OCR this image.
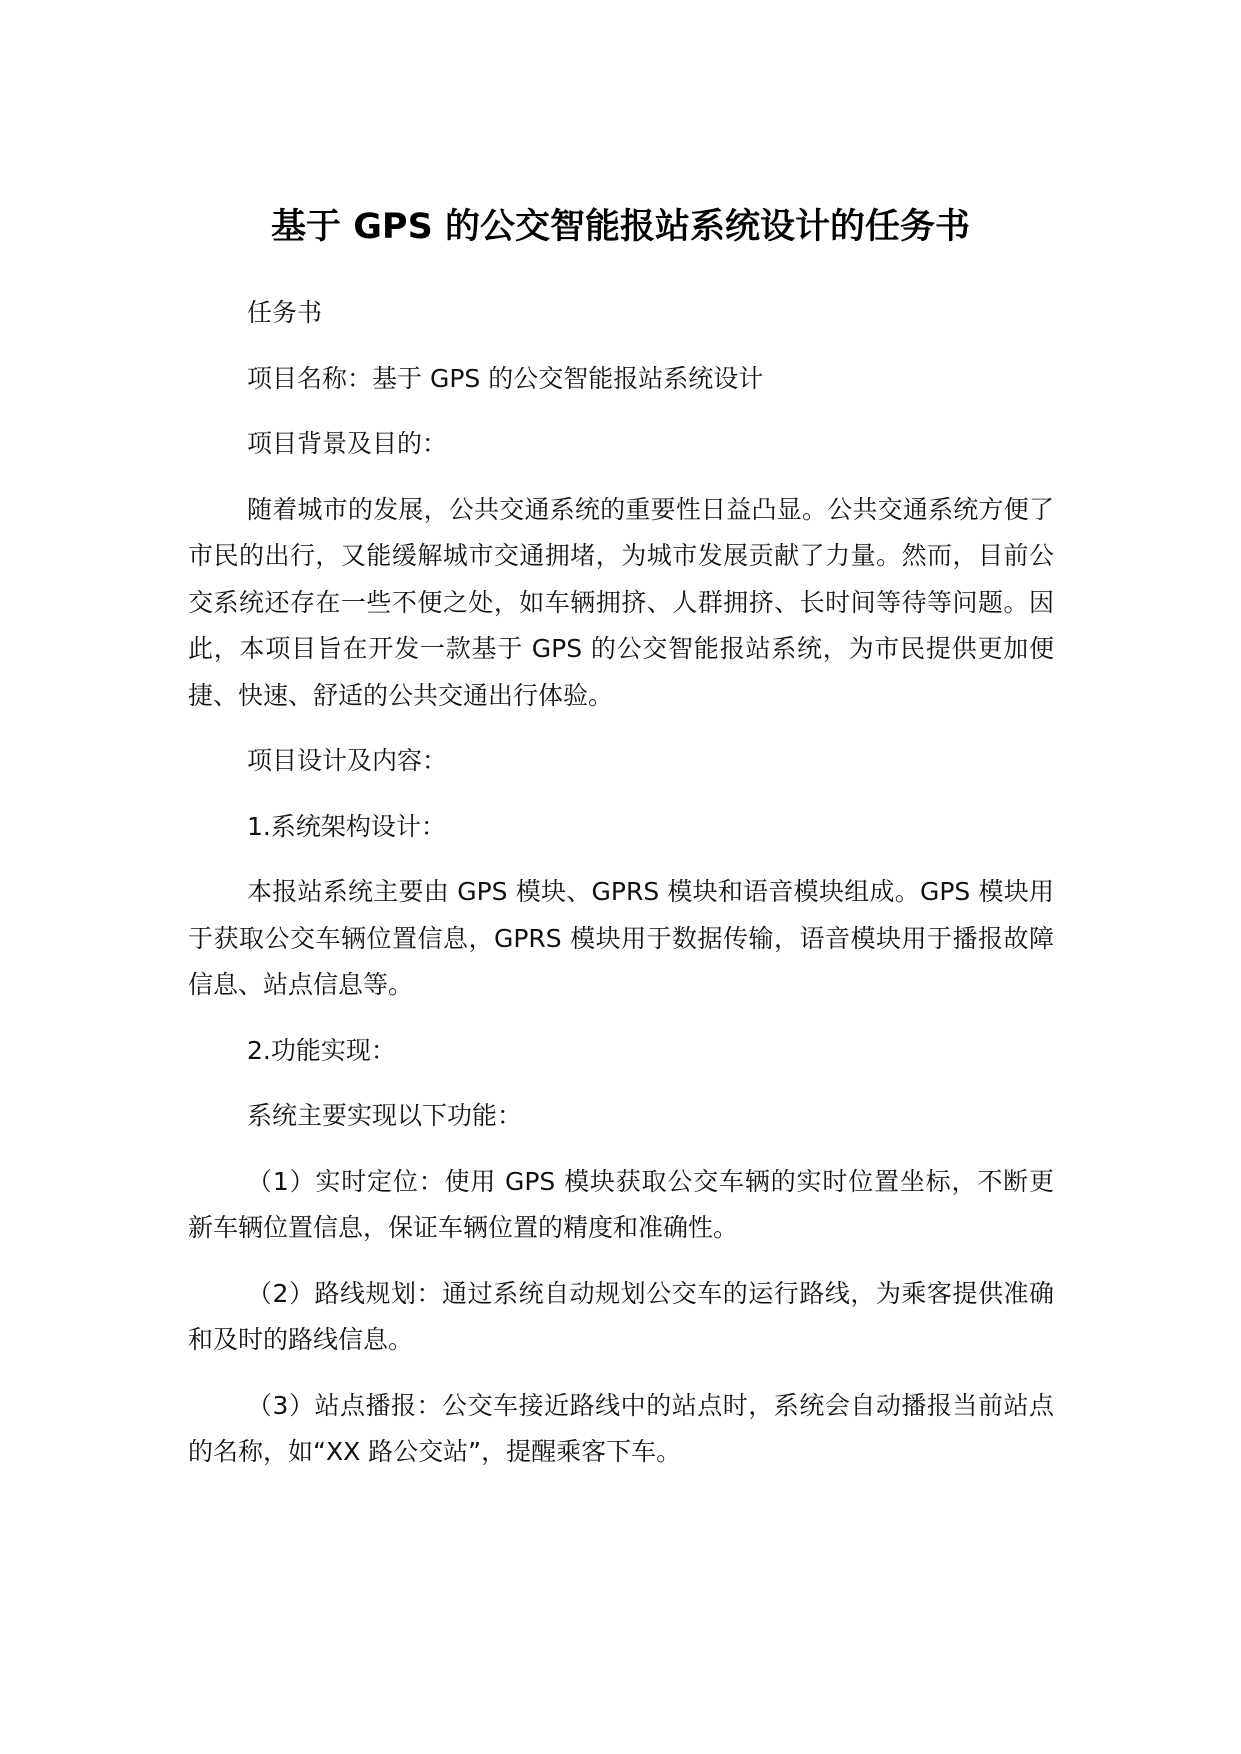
基于 GPS 的公交智能报站系统设计的任务书

任务书

项目名称：基于 GPS 的公交智能报站系统设计

项目背景及目的：

随着城市的发展，公共交通系统的重要性日益凸显。公共交通系统方便了市民的出行，又能缓解城市交通拥堵，为城市发展贡献了力量。然而，目前公交系统还存在一些不便之处，如车辆拥挤、人群拥挤、长时间等待等问题。因此，本项目旨在开发一款基于 GPS 的公交智能报站系统，为市民提供更加便捷、快速、舒适的公共交通出行体验。

项目设计及内容：

1.系统架构设计：

本报站系统主要由 GPS 模块、GPRS 模块和语音模块组成。GPS 模块用于获取公交车辆位置信息，GPRS 模块用于数据传输，语音模块用于播报故障信息、站点信息等。

2.功能实现：

系统主要实现以下功能：

（1）实时定位：使用 GPS 模块获取公交车辆的实时位置坐标，不断更新车辆位置信息，保证车辆位置的精度和准确性。

（2）路线规划：通过系统自动规划公交车的运行路线，为乘客提供准确和及时的路线信息。

（3）站点播报：公交车接近路线中的站点时，系统会自动播报当前站点的名称，如“XX 路公交站”，提醒乘客下车。
